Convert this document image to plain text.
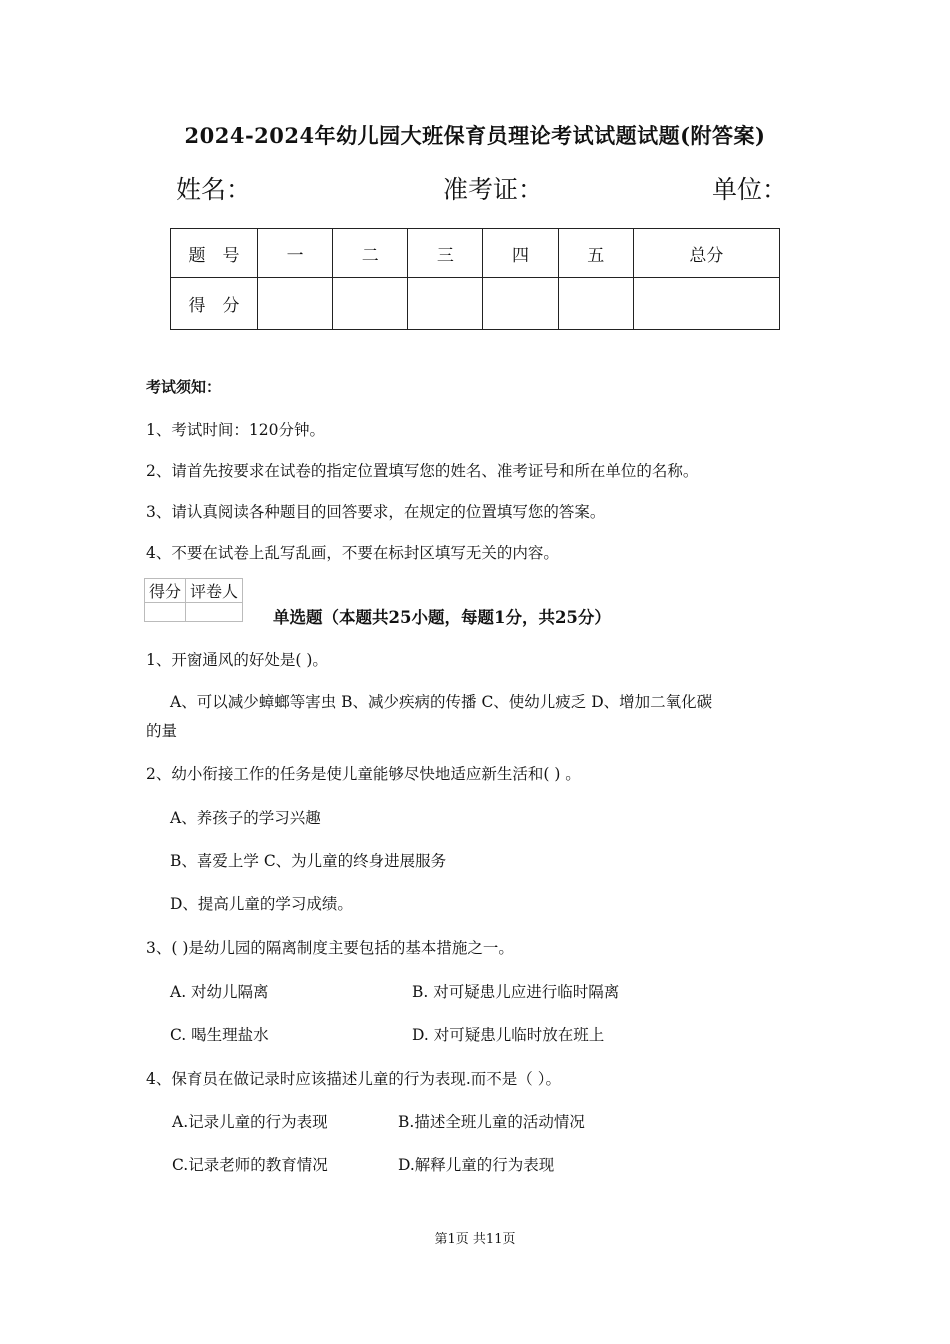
2024-2024年幼儿园大班保育员理论考试试题试题(附答案)
姓名：	准考证：	单位：
题　号	一	二	三	四	五	总分
得　分						
考试须知：
1、考试时间：120分钟。
2、请首先按要求在试卷的指定位置填写您的姓名、准考证号和所在单位的名称。
3、请认真阅读各种题目的回答要求，在规定的位置填写您的答案。
4、不要在试卷上乱写乱画，不要在标封区填写无关的内容。
得分	评卷人

单选题（本题共25小题，每题1分，共25分）
1、开窗通风的好处是( )。
A、可以减少蟑螂等害虫 B、减少疾病的传播 C、使幼儿疲乏 D、增加二氧化碳
的量
2、幼小衔接工作的任务是使儿童能够尽快地适应新生活和( ) 。
A、养孩子的学习兴趣
B、喜爱上学 C、为儿童的终身进展服务
D、提高儿童的学习成绩。
3、( )是幼儿园的隔离制度主要包括的基本措施之一。
A. 对幼儿隔离	B. 对可疑患儿应进行临时隔离
C. 喝生理盐水	D. 对可疑患儿临时放在班上
4、保育员在做记录时应该描述儿童的行为表现.而不是（ ）。
A.记录儿童的行为表现	B.描述全班儿童的活动情况
C.记录老师的教育情况	D.解释儿童的行为表现
第1页 共11页
